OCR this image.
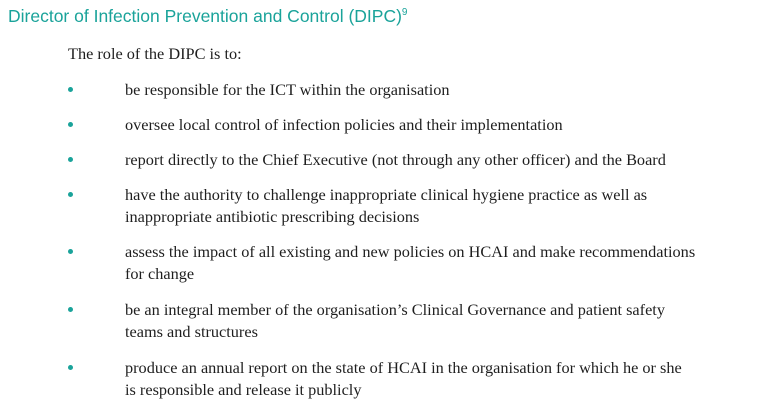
Director of Infection Prevention and Control (DIPC)$^9$

The role of the DIPC is to:

be responsible for the ICT within the organisation
oversee local control of infection policies and their implementation
report directly to the Chief Executive (not through any other officer) and the Board
have the authority to challenge inappropriate clinical hygiene practice as well as
inappropriate antibiotic prescribing decisions
assess the impact of all existing and new policies on HCAI and make recommendations
for change
be an integral member of the organisation’s Clinical Governance and patient safety
teams and structures
produce an annual report on the state of HCAI in the organisation for which he or she
is responsible and release it publicly
